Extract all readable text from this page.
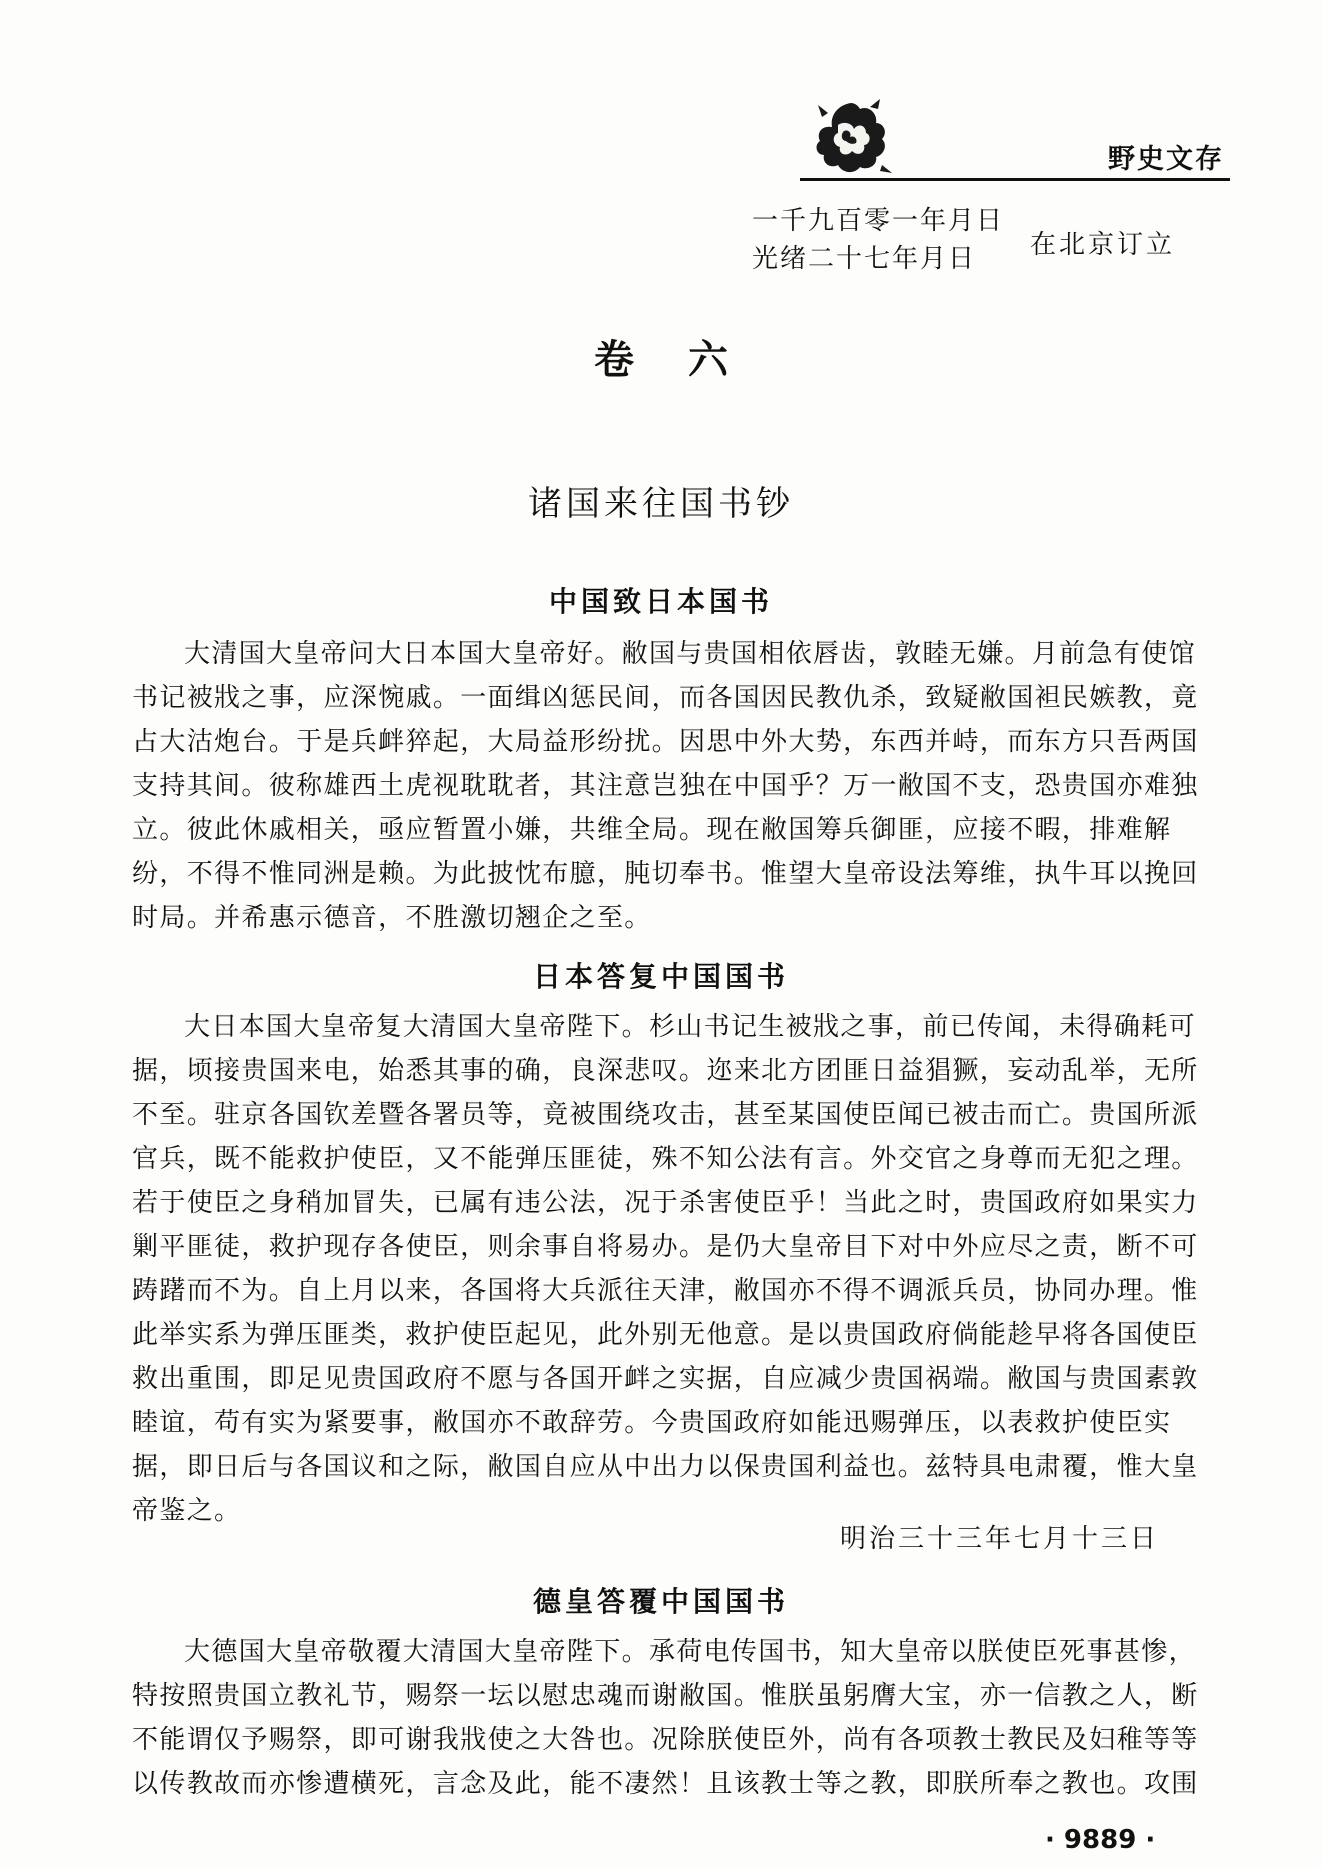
野史文存
一千九百零一年月日
光绪二十七年月日 在北京订立
卷 六
诸国来往国书钞
中国致日本国书

大清国大皇帝问大日本国大皇帝好。敝国与贵国相依唇齿，敦睦无嫌。月前急有使馆
书记被戕之事，应深惋戚。一面缉凶惩民间，而各国因民教仇杀，致疑敝国袒民嫉教，竟
占大沽炮台。于是兵衅猝起，大局益形纷扰。因思中外大势，东西并峙，而东方只吾两国
支持其间。彼称雄西土虎视耽耽者，其注意岂独在中国乎？万一敝国不支，恐贵国亦难独
立。彼此休戚相关，亟应暂置小嫌，共维全局。现在敝国筹兵御匪，应接不暇，排难解
纷，不得不惟同洲是赖。为此披忱布臆，肫切奉书。惟望大皇帝设法筹维，执牛耳以挽回
时局。并希惠示德音，不胜激切翘企之至。

日本答复中国国书

大日本国大皇帝复大清国大皇帝陛下。杉山书记生被戕之事，前已传闻，未得确耗可
据，顷接贵国来电，始悉其事的确，良深悲叹。迩来北方团匪日益猖獗，妄动乱举，无所
不至。驻京各国钦差暨各署员等，竟被围绕攻击，甚至某国使臣闻已被击而亡。贵国所派
官兵，既不能救护使臣，又不能弹压匪徒，殊不知公法有言。外交官之身尊而无犯之理。
若于使臣之身稍加冒失，已属有违公法，况于杀害使臣乎！当此之时，贵国政府如果实力
剿平匪徒，救护现存各使臣，则余事自将易办。是仍大皇帝目下对中外应尽之责，断不可
踌躇而不为。自上月以来，各国将大兵派往天津，敝国亦不得不调派兵员，协同办理。惟
此举实系为弹压匪类，救护使臣起见，此外别无他意。是以贵国政府倘能趁早将各国使臣
救出重围，即足见贵国政府不愿与各国开衅之实据，自应减少贵国祸端。敝国与贵国素敦
睦谊，苟有实为紧要事，敝国亦不敢辞劳。今贵国政府如能迅赐弹压，以表救护使臣实
据，即日后与各国议和之际，敝国自应从中出力以保贵国利益也。兹特具电肃覆，惟大皇
帝鉴之。

明治三十三年七月十三日
德皇答覆中国国书

大德国大皇帝敬覆大清国大皇帝陛下。承荷电传国书，知大皇帝以朕使臣死事甚惨，
特按照贵国立教礼节，赐祭一坛以慰忠魂而谢敝国。惟朕虽躬膺大宝，亦一信教之人，断
不能谓仅予赐祭，即可谢我戕使之大咎也。况除朕使臣外，尚有各项教士教民及妇稚等等
以传教故而亦惨遭横死，言念及此，能不凄然！且该教士等之教，即朕所奉之教也。攻围

· 9889 ·
